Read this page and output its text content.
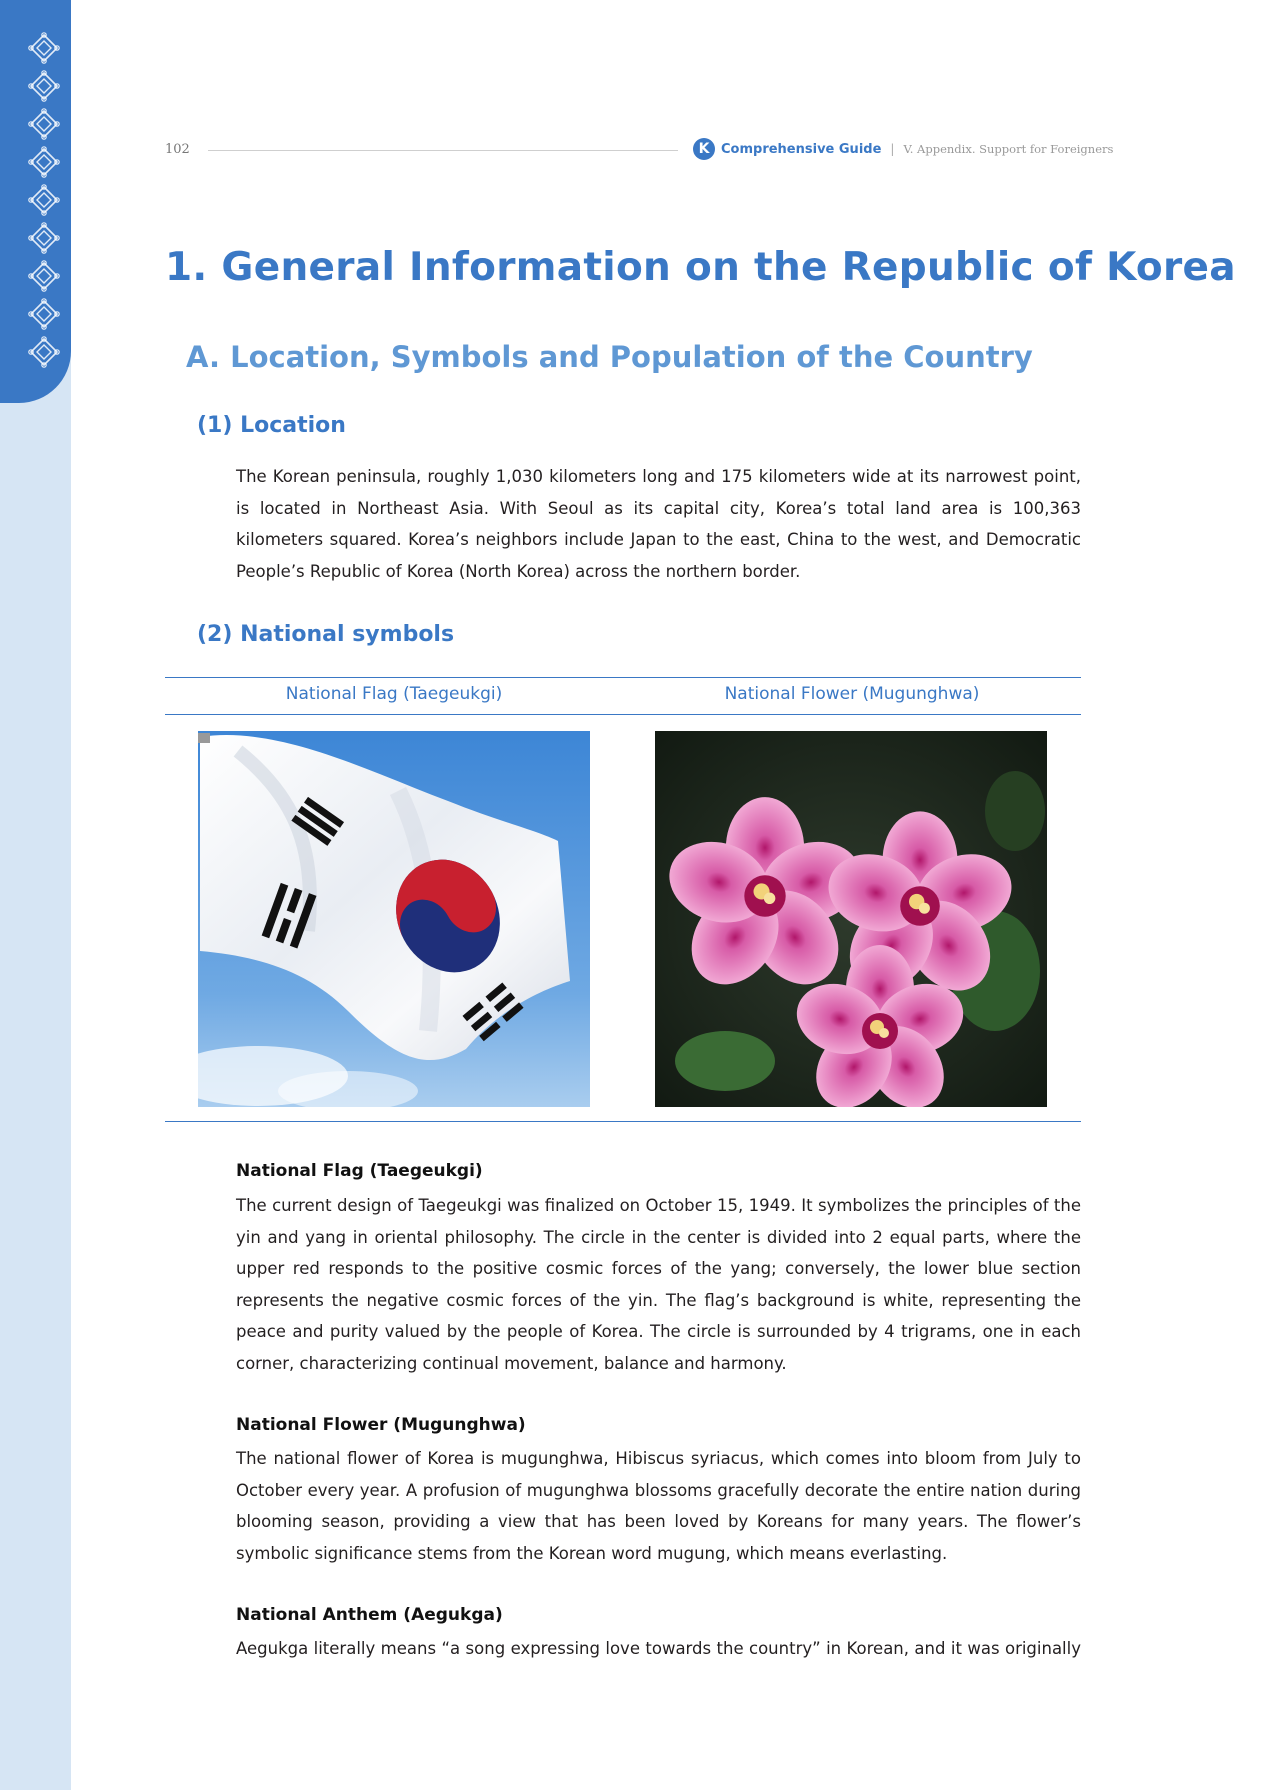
102	K Comprehensive Guide | V. Appendix. Support for Foreigners
1. General Information on the Republic of Korea
A. Location, Symbols and Population of the Country
(1) Location

The Korean peninsula, roughly 1,030 kilometers long and 175 kilometers wide at its narrowest point, is located in Northeast Asia. With Seoul as its capital city, Korea’s total land area is 100,363 kilometers squared. Korea’s neighbors include Japan to the east, China to the west, and Democratic People’s Republic of Korea (North Korea) across the northern border.

(2) National symbols
National Flag (Taegeukgi)	National Flower (Mugunghwa)
National Flag (Taegeukgi)

The current design of Taegeukgi was finalized on October 15, 1949. It symbolizes the principles of the yin and yang in oriental philosophy. The circle in the center is divided into 2 equal parts, where the upper red responds to the positive cosmic forces of the yang; conversely, the lower blue section represents the negative cosmic forces of the yin. The flag’s background is white, representing the peace and purity valued by the people of Korea. The circle is surrounded by 4 trigrams, one in each corner, characterizing continual movement, balance and harmony.

National Flower (Mugunghwa)

The national flower of Korea is mugunghwa, Hibiscus syriacus, which comes into bloom from July to October every year. A profusion of mugunghwa blossoms gracefully decorate the entire nation during blooming season, providing a view that has been loved by Koreans for many years. The flower’s symbolic significance stems from the Korean word mugung, which means everlasting.

National Anthem (Aegukga)

Aegukga literally means “a song expressing love towards the country” in Korean, and it was originally
